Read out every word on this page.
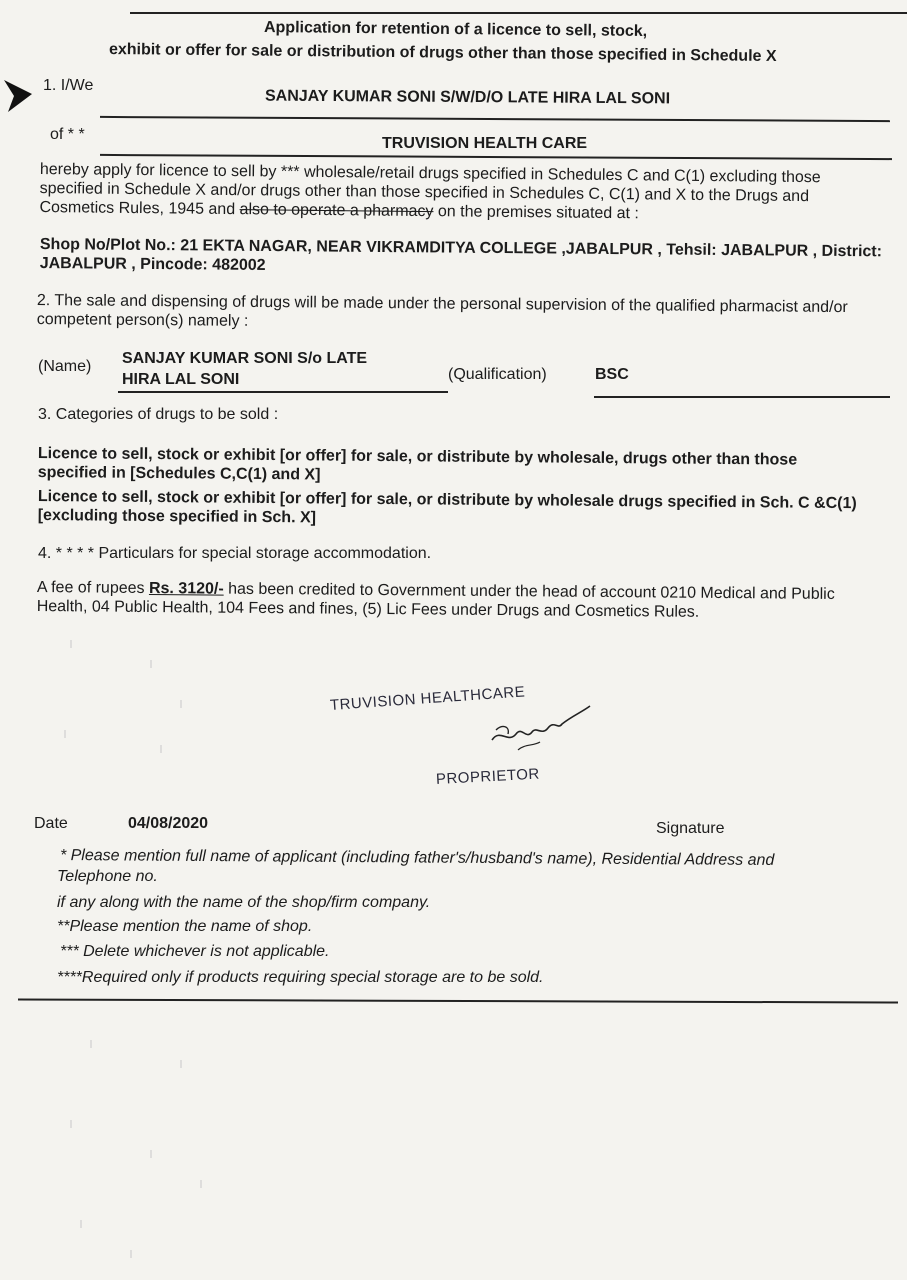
Application for retention of a licence to sell, stock,
exhibit or offer for sale or distribution of drugs other than those specified in Schedule X
1. I/We
SANJAY KUMAR SONI S/W/D/O LATE HIRA LAL SONI
of * *
TRUVISION HEALTH CARE
hereby apply for licence to sell by *** wholesale/retail drugs specified in Schedules C and C(1) excluding those specified in Schedule X and/or drugs other than those specified in Schedules C, C(1) and X to the Drugs and Cosmetics Rules, 1945 and also to operate a pharmacy on the premises situated at :
Shop No/Plot No.: 21 EKTA NAGAR, NEAR VIKRAMDITYA COLLEGE ,JABALPUR , Tehsil: JABALPUR , District: JABALPUR , Pincode: 482002
2. The sale and dispensing of drugs will be made under the personal supervision of the qualified pharmacist and/or competent person(s) namely :
(Name) SANJAY KUMAR SONI S/o LATE
HIRA LAL SONI	(Qualification)	BSC
3. Categories of drugs to be sold :
Licence to sell, stock or exhibit [or offer] for sale, or distribute by wholesale, drugs other than those specified in [Schedules C,C(1) and X]
Licence to sell, stock or exhibit [or offer] for sale, or distribute by wholesale drugs specified in Sch. C &C(1) [excluding those specified in Sch. X]
4. * * * * Particulars for special storage accommodation.
A fee of rupees Rs. 3120/- has been credited to Government under the head of account 0210 Medical and Public Health, 04 Public Health, 104 Fees and fines, (5) Lic Fees under Drugs and Cosmetics Rules.
TRUVISION HEALTHCARE
PROPRIETOR
Date	04/08/2020	Signature
* Please mention full name of applicant (including father's/husband's name), Residential Address and
Telephone no.
if any along with the name of the shop/firm company.
**Please mention the name of shop.
*** Delete whichever is not applicable.
****Required only if products requiring special storage are to be sold.
